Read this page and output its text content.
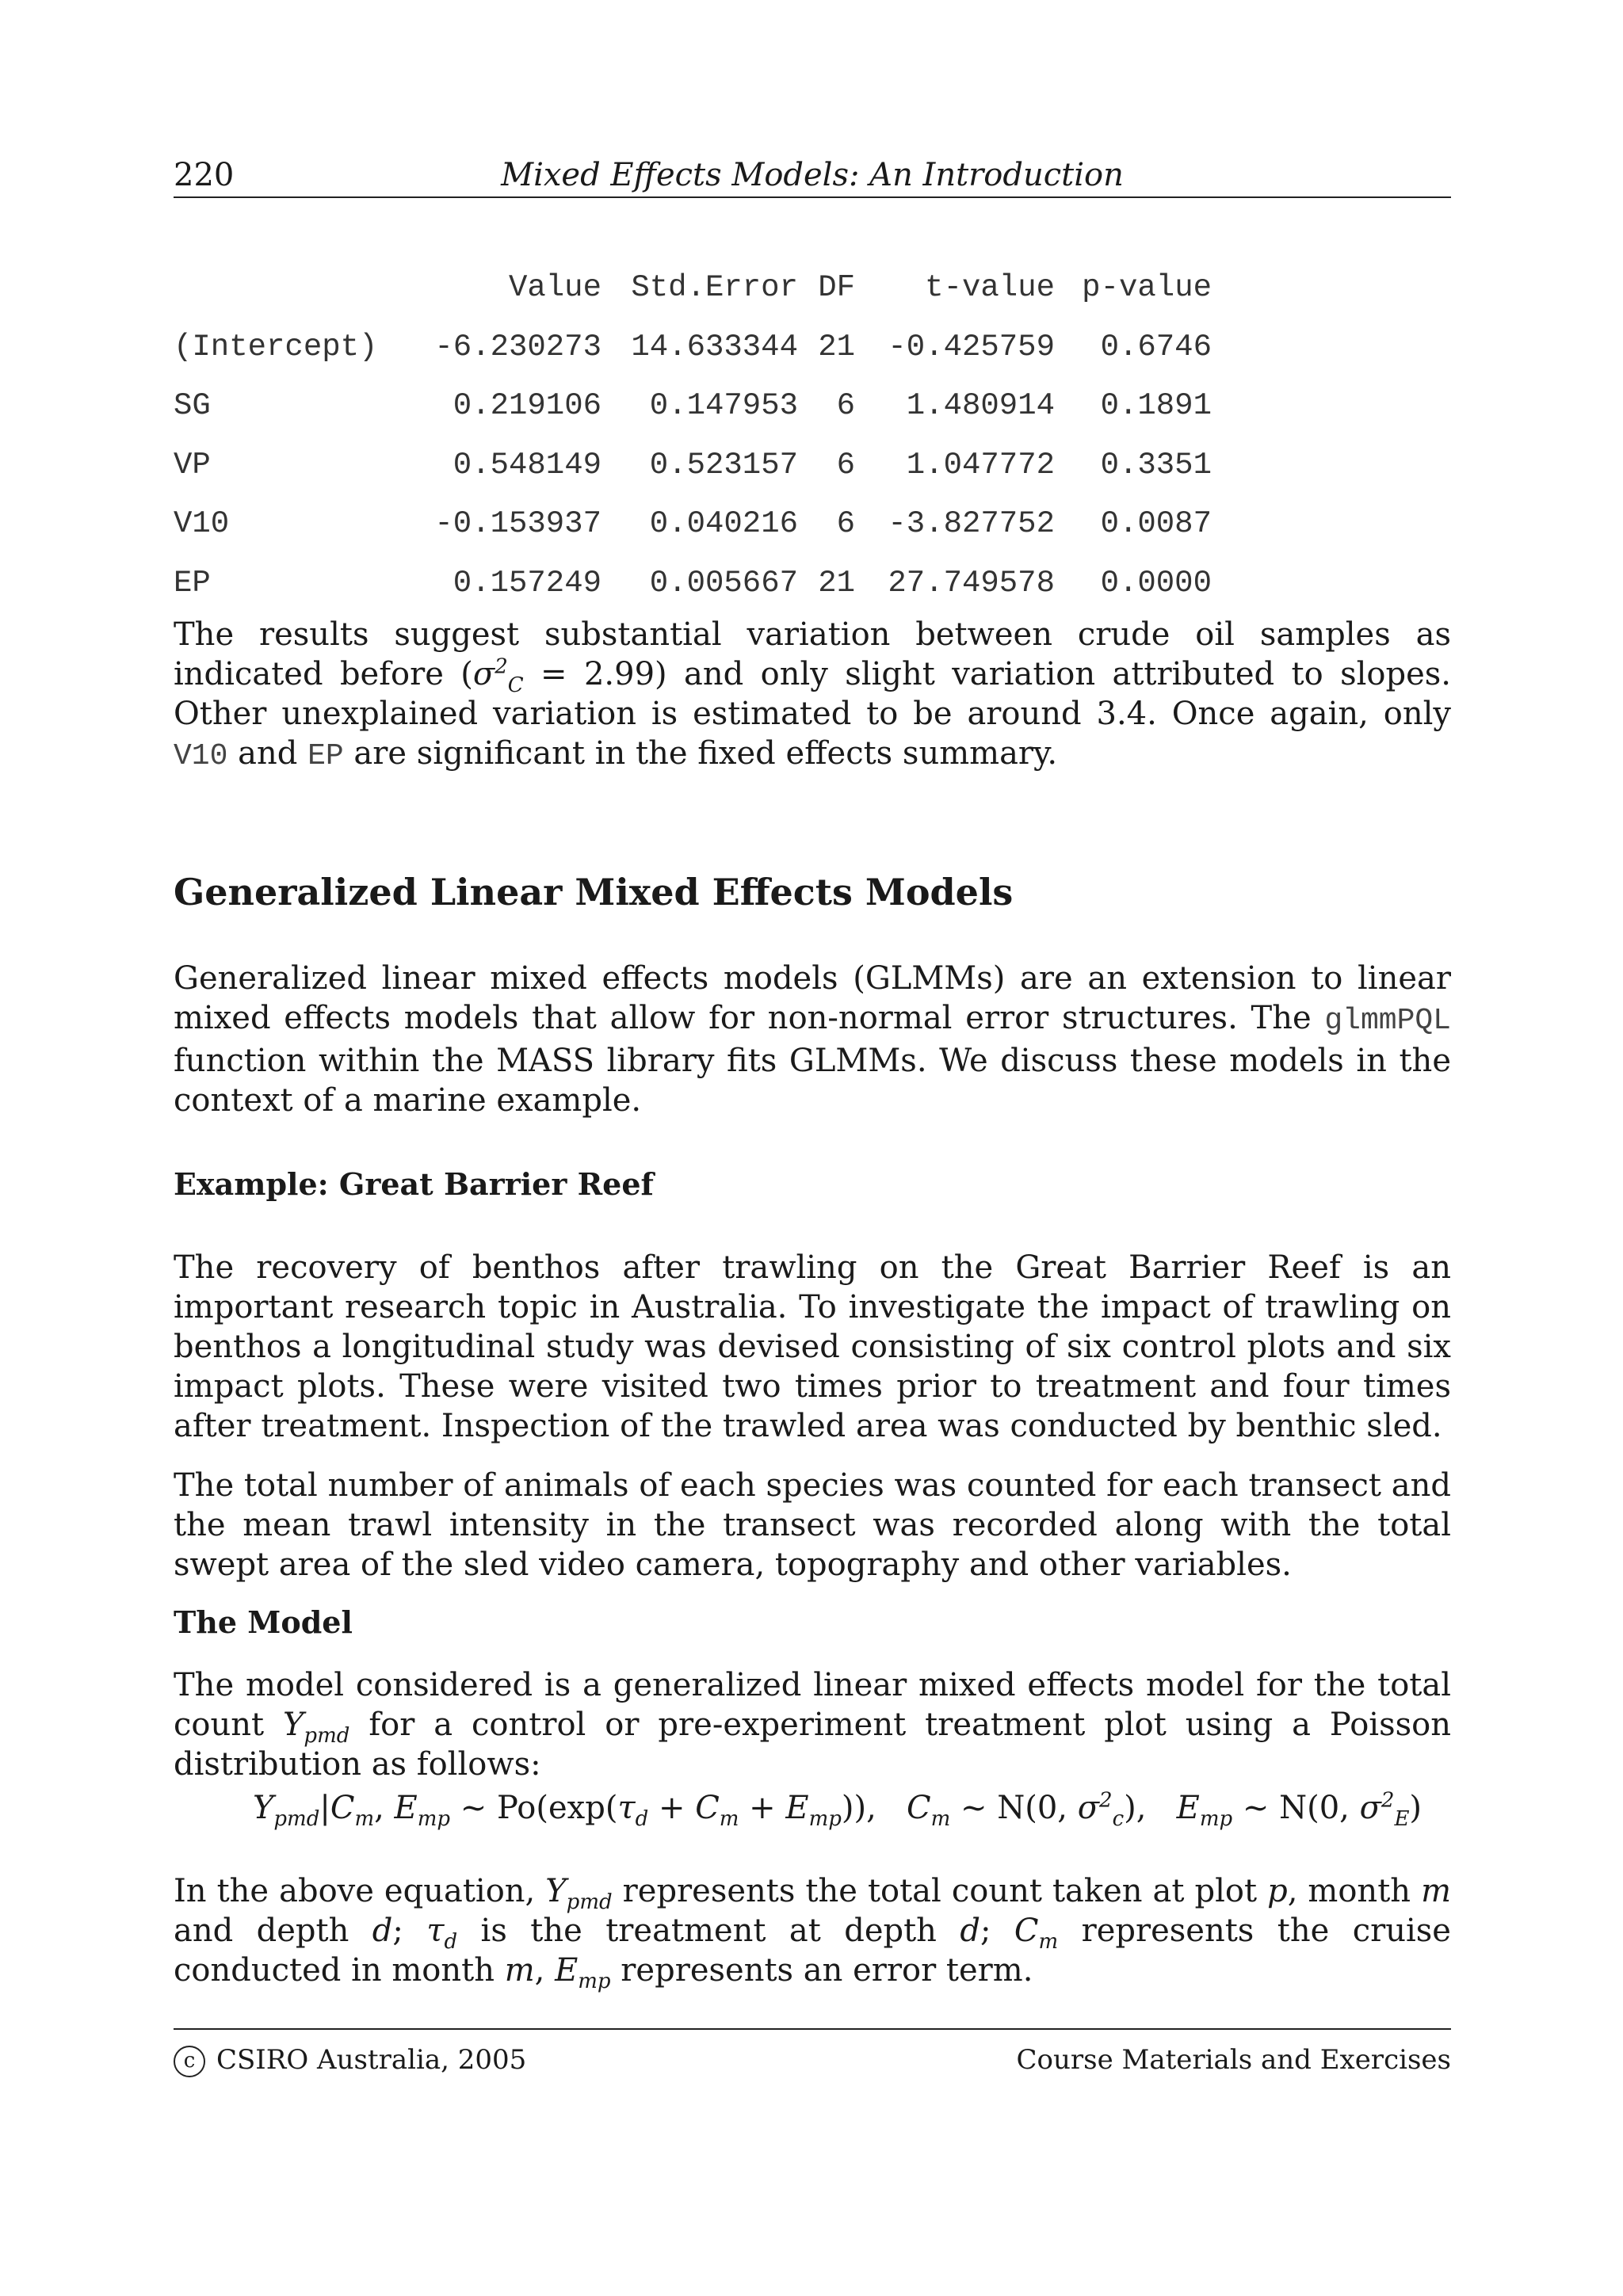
220	Mixed Effects Models: An Introduction
	Value	Std.Error	DF	t-value	p-value
(Intercept)	-6.230273	14.633344	21	-0.425759	0.6746
SG	0.219106	0.147953	6	1.480914	0.1891
VP	0.548149	0.523157	6	1.047772	0.3351
V10	-0.153937	0.040216	6	-3.827752	0.0087
EP	0.157249	0.005667	21	27.749578	0.0000

The results suggest substantial variation between crude oil samples as indicated before $(\sigma^2_C = 2.99)$ and only slight variation attributed to slopes. Other unexplained variation is estimated to be around 3.4. Once again, only V10 and EP are significant in the fixed effects summary.

Generalized Linear Mixed Effects Models

Generalized linear mixed effects models (GLMMs) are an extension to linear mixed effects models that allow for non-normal error structures. The glmmPQL function within the MASS library fits GLMMs. We discuss these models in the context of a marine example.

Example: Great Barrier Reef

The recovery of benthos after trawling on the Great Barrier Reef is an important research topic in Australia. To investigate the impact of trawling on benthos a longitudinal study was devised consisting of six control plots and six impact plots. These were visited two times prior to treatment and four times after treatment. Inspection of the trawled area was conducted by benthic sled.

The total number of animals of each species was counted for each transect and the mean trawl intensity in the transect was recorded along with the total swept area of the sled video camera, topography and other variables.

The Model

The model considered is a generalized linear mixed effects model for the total count $Y_{pmd}$ for a control or pre-experiment treatment plot using a Poisson distribution as follows:

$Y_{pmd}|C_m$, $E_{mp}$ ~ $Po(\exp(\tau_d + C_m + E_{mp}))$, $C_m$ ~ N(0, $\sigma^2_c$), $E_{mp}$ ~ N(0, $\sigma^2_E$)

In the above equation, $Y_{pmd}$ represents the total count taken at plot p, month m and depth d; $\tau_d$ is the treatment at depth d; $C_m$ represents the cruise conducted in month m, $E_{mp}$ represents an error term.

c CSIRO Australia, 2005	Course Materials and Exercises
